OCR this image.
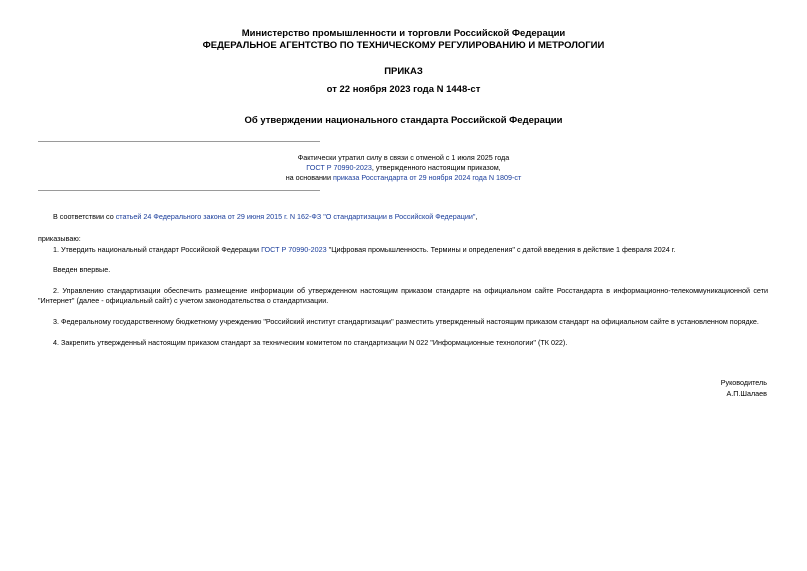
Министерство промышленности и торговли Российской Федерации
ФЕДЕРАЛЬНОЕ АГЕНТСТВО ПО ТЕХНИЧЕСКОМУ РЕГУЛИРОВАНИЮ И МЕТРОЛОГИИ
ПРИКАЗ
от 22 ноября 2023 года N 1448-ст
Об утверждении национального стандарта Российской Федерации
Фактически утратил силу в связи с отменой с 1 июля 2025 года
ГОСТ Р 70990-2023, утвержденного настоящим приказом,
на основании приказа Росстандарта от 29 ноября 2024 года N 1809-ст
В соответствии со статьей 24 Федерального закона от 29 июня 2015 г. N 162-ФЗ "О стандартизации в Российской Федерации",
приказываю:
1. Утвердить национальный стандарт Российской Федерации ГОСТ Р 70990-2023 "Цифровая промышленность. Термины и определения" с датой введения в действие 1 февраля 2024 г.
Введен впервые.
2. Управлению стандартизации обеспечить размещение информации об утвержденном настоящим приказом стандарте на официальном сайте Росстандарта в информационно-телекоммуникационной сети "Интернет" (далее - официальный сайт) с учетом законодательства о стандартизации.
3. Федеральному государственному бюджетному учреждению "Российский институт стандартизации" разместить утвержденный настоящим приказом стандарт на официальном сайте в установленном порядке.
4. Закрепить утвержденный настоящим приказом стандарт за техническим комитетом по стандартизации N 022 "Информационные технологии" (ТК 022).
Руководитель
А.П.Шалаев
